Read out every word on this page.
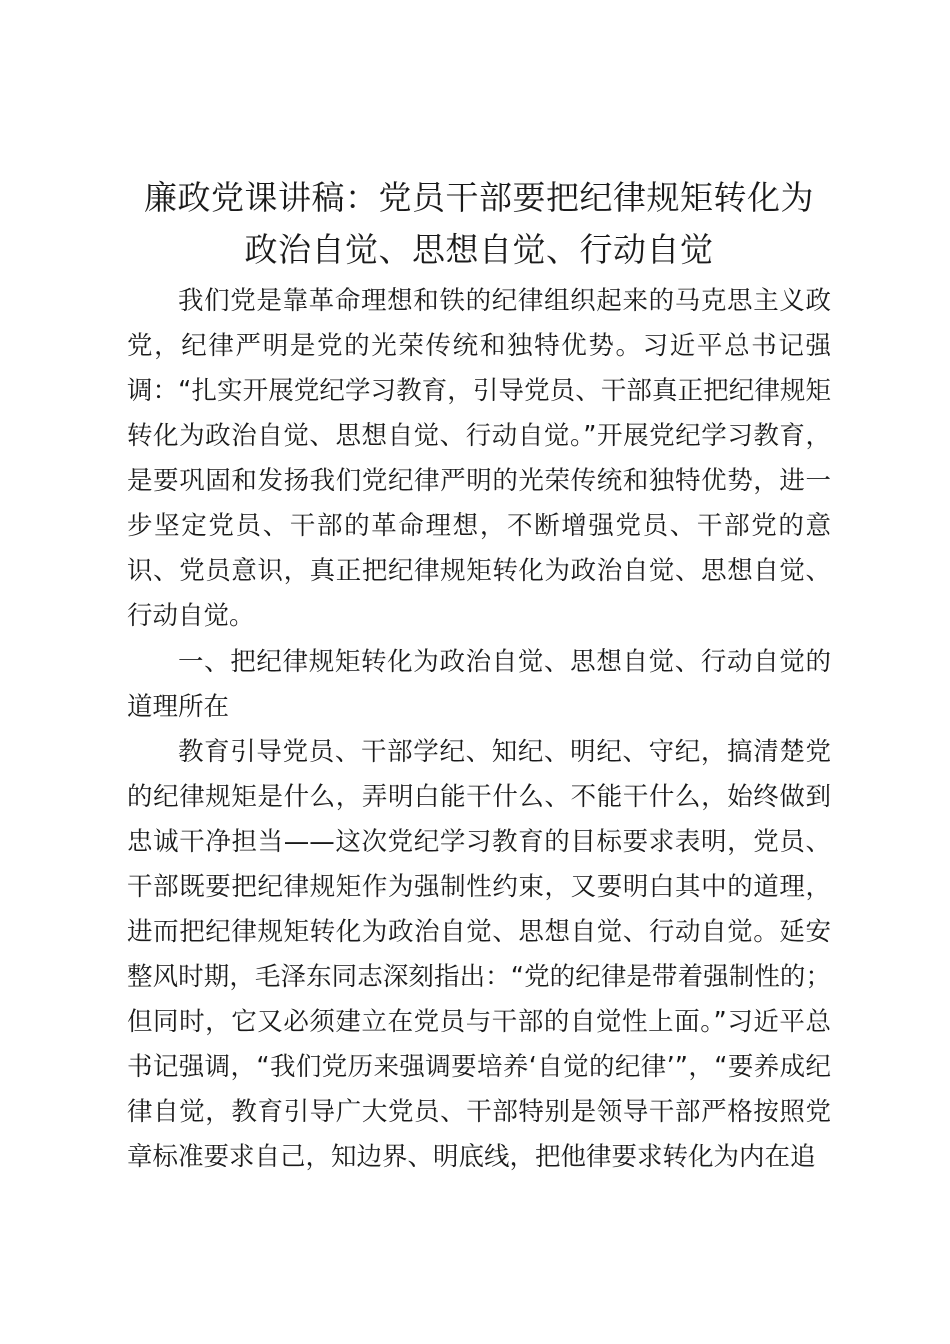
廉政党课讲稿：党员干部要把纪律规矩转化为
政治自觉、思想自觉、行动自觉

我们党是靠革命理想和铁的纪律组织起来的马克思主义政党，纪律严明是党的光荣传统和独特优势。习近平总书记强调：“扎实开展党纪学习教育，引导党员、干部真正把纪律规矩转化为政治自觉、思想自觉、行动自觉。”开展党纪学习教育，是要巩固和发扬我们党纪律严明的光荣传统和独特优势，进一步坚定党员、干部的革命理想，不断增强党员、干部党的意识、党员意识，真正把纪律规矩转化为政治自觉、思想自觉、行动自觉。

一、把纪律规矩转化为政治自觉、思想自觉、行动自觉的道理所在

教育引导党员、干部学纪、知纪、明纪、守纪，搞清楚党的纪律规矩是什么，弄明白能干什么、不能干什么，始终做到忠诚干净担当——这次党纪学习教育的目标要求表明，党员、干部既要把纪律规矩作为强制性约束，又要明白其中的道理，进而把纪律规矩转化为政治自觉、思想自觉、行动自觉。延安整风时期，毛泽东同志深刻指出：“党的纪律是带着强制性的；但同时，它又必须建立在党员与干部的自觉性上面。”习近平总书记强调，“我们党历来强调要培养‘自觉的纪律’”，“要养成纪律自觉，教育引导广大党员、干部特别是领导干部严格按照党章标准要求自己，知边界、明底线，把他律要求转化为内在追
